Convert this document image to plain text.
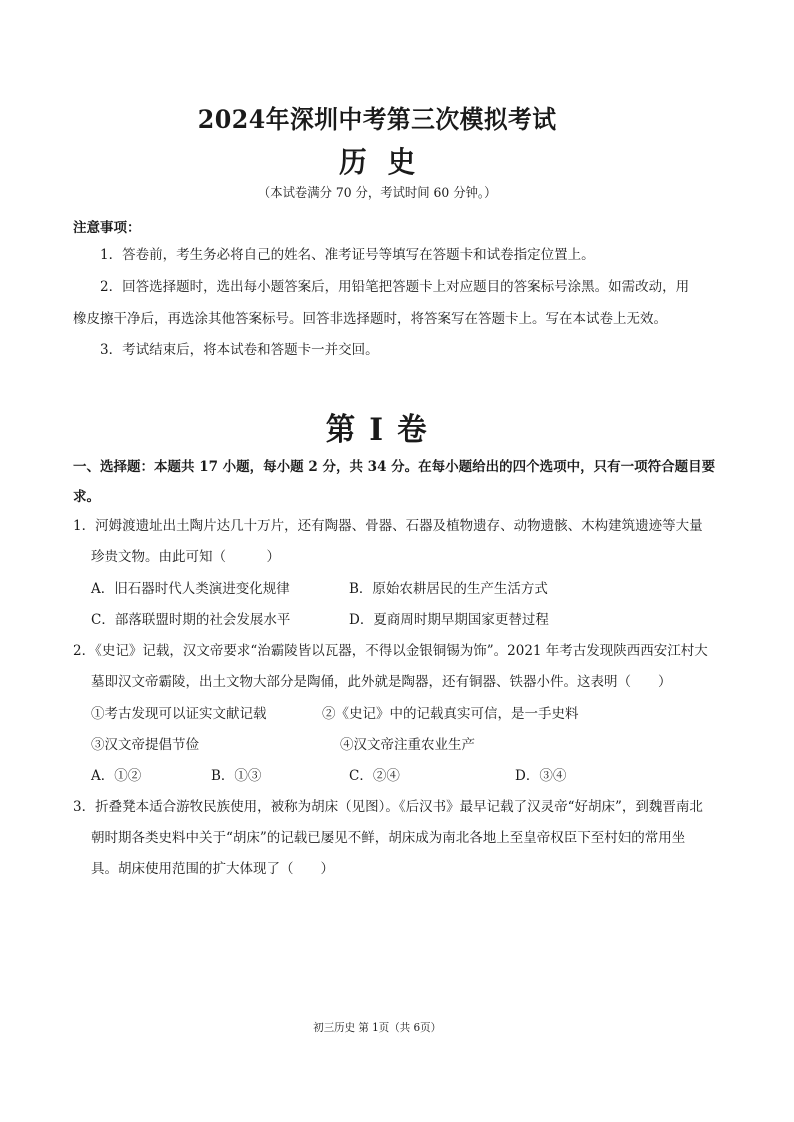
2024年深圳中考第三次模拟考试
历史
（本试卷满分 70 分，考试时间 60 分钟。）
注意事项：
1．答卷前，考生务必将自己的姓名、准考证号等填写在答题卡和试卷指定位置上。
2．回答选择题时，选出每小题答案后，用铅笔把答题卡上对应题目的答案标号涂黑。如需改动，用
橡皮擦干净后，再选涂其他答案标号。回答非选择题时，将答案写在答题卡上。写在本试卷上无效。
3．考试结束后，将本试卷和答题卡一并交回。
第 I 卷
一、选择题：本题共 17 小题，每小题 2 分，共 34 分。在每小题给出的四个选项中，只有一项符合题目要
求。
1．河姆渡遗址出土陶片达几十万片，还有陶器、骨器、石器及植物遗存、动物遗骸、木构建筑遗迹等大量
珍贵文物。由此可知（　　　）
A．旧石器时代人类演进变化规律	B．原始农耕居民的生产生活方式
C．部落联盟时期的社会发展水平	D．夏商周时期早期国家更替过程
2．《史记》记载，汉文帝要求“治霸陵皆以瓦器，不得以金银铜锡为饰”。2021 年考古发现陕西西安江村大
墓即汉文帝霸陵，出土文物大部分是陶俑，此外就是陶器，还有铜器、铁器小件。这表明（　　）
①考古发现可以证实文献记载	②《史记》中的记载真实可信，是一手史料
③汉文帝提倡节俭	④汉文帝注重农业生产
A．①②	B．①③	C．②④	D．③④
3．折叠凳本适合游牧民族使用，被称为胡床（见图）。《后汉书》最早记载了汉灵帝“好胡床”，到魏晋南北
朝时期各类史料中关于“胡床”的记载已屡见不鲜，胡床成为南北各地上至皇帝权臣下至村妇的常用坐
具。胡床使用范围的扩大体现了（　　）
初三历史 第 1页（共 6页）
